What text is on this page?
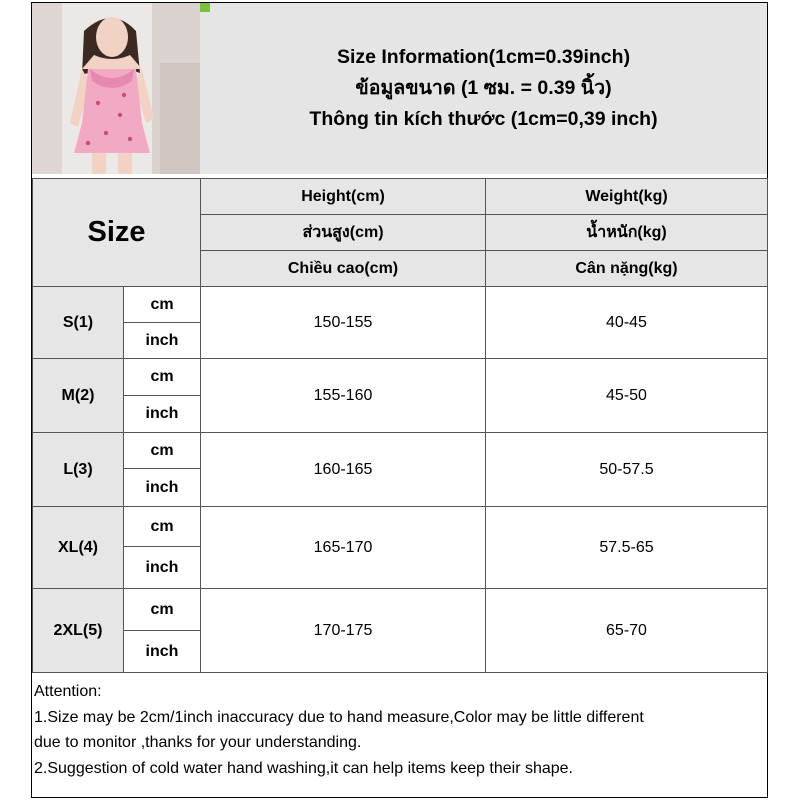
Size Information(1cm=0.39inch)
ข้อมูลขนาด (1 ซม. = 0.39 นิ้ว)
Thông tin kích thước (1cm=0,39 inch)
Size		Height(cm)	Weight(kg)
		ส่วนสูง(cm)	น้ำหนัก(kg)
		Chiều cao(cm)	Cân nặng(kg)
S(1)	cm	150-155	40-45
	inch		
M(2)	cm	155-160	45-50
	inch		
L(3)	cm	160-165	50-57.5
	inch		
XL(4)	cm	165-170	57.5-65
	inch		
2XL(5)	cm	170-175	65-70
	inch		
Attention:
1.Size may be 2cm/1inch inaccuracy due to hand measure,Color may be little different
due to monitor ,thanks for your understanding.
2.Suggestion of cold water hand washing,it can help items keep their shape.
